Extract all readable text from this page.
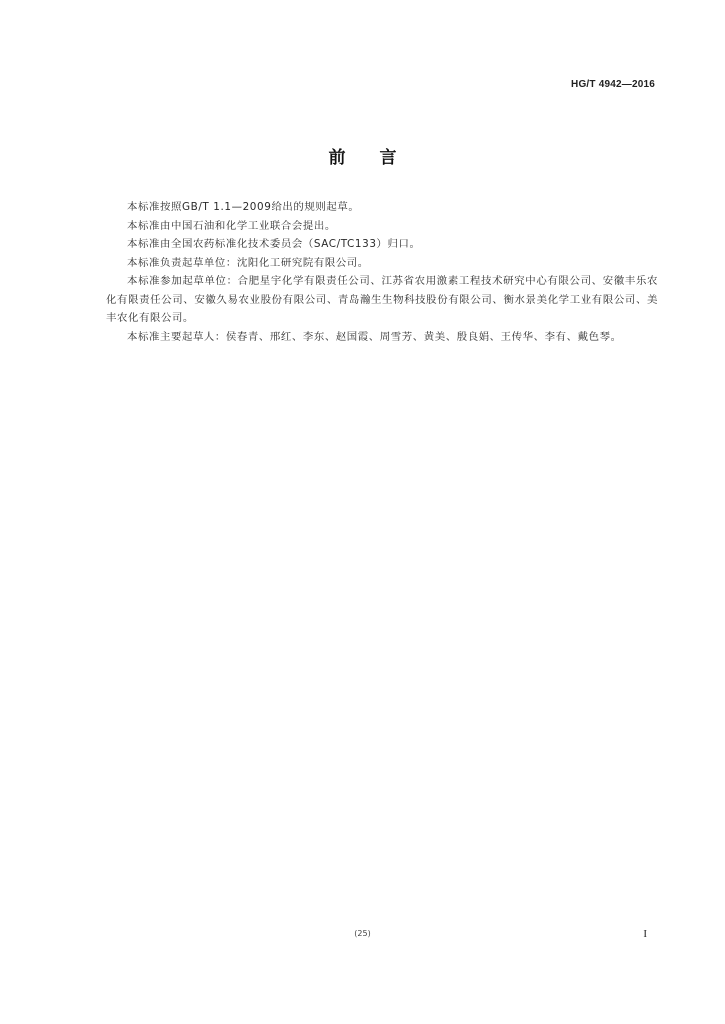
HG/T 4942—2016
前言

本标准按照GB/T 1.1—2009给出的规则起草。

本标准由中国石油和化学工业联合会提出。

本标准由全国农药标准化技术委员会（SAC/TC133）归口。

本标准负责起草单位：沈阳化工研究院有限公司。

本标准参加起草单位：合肥星宇化学有限责任公司、江苏省农用激素工程技术研究中心有限公司、安徽丰乐农化有限责任公司、安徽久易农业股份有限公司、青岛瀚生生物科技股份有限公司、衡水景美化学工业有限公司、美丰农化有限公司。

本标准主要起草人：侯春青、邢红、李东、赵国霞、周雪芳、黄美、殷良娟、王传华、李有、戴色琴。

(25)	I
